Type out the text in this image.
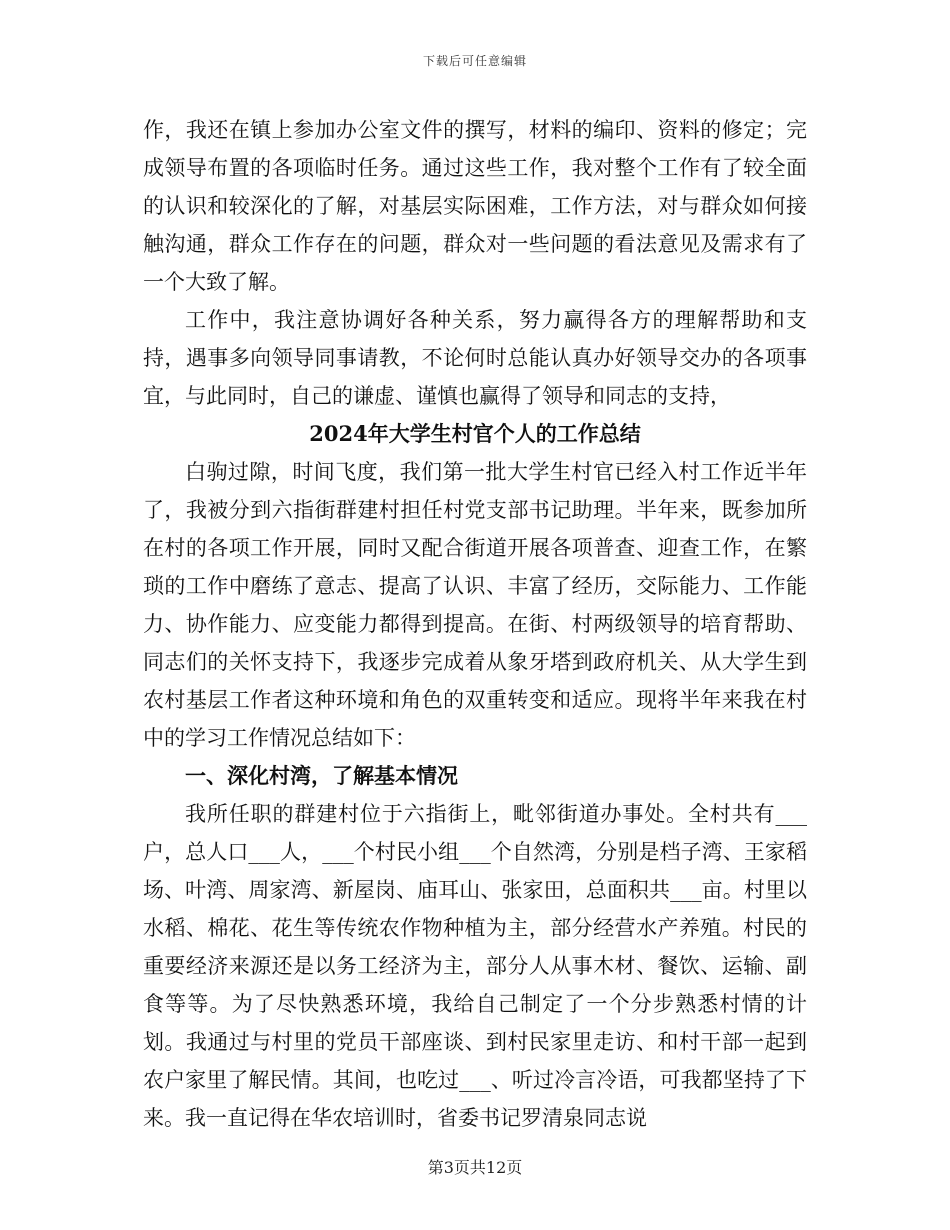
下载后可任意编辑

作，我还在镇上参加办公室文件的撰写，材料的编印、资料的修定；完成领导布置的各项临时任务。通过这些工作，我对整个工作有了较全面的认识和较深化的了解，对基层实际困难，工作方法，对与群众如何接触沟通，群众工作存在的问题，群众对一些问题的看法意见及需求有了一个大致了解。

工作中，我注意协调好各种关系，努力赢得各方的理解帮助和支持，遇事多向领导同事请教，不论何时总能认真办好领导交办的各项事宜，与此同时，自己的谦虚、谨慎也赢得了领导和同志的支持，

2024年大学生村官个人的工作总结

白驹过隙，时间飞度，我们第一批大学生村官已经入村工作近半年了，我被分到六指街群建村担任村党支部书记助理。半年来，既参加所在村的各项工作开展，同时又配合街道开展各项普查、迎查工作，在繁琐的工作中磨练了意志、提高了认识、丰富了经历，交际能力、工作能力、协作能力、应变能力都得到提高。在街、村两级领导的培育帮助、同志们的关怀支持下，我逐步完成着从象牙塔到政府机关、从大学生到农村基层工作者这种环境和角色的双重转变和适应。现将半年来我在村中的学习工作情况总结如下：

一、深化村湾，了解基本情况

我所任职的群建村位于六指街上，毗邻街道办事处。全村共有___户，总人口___人，___个村民小组___个自然湾，分别是档子湾、王家稻场、叶湾、周家湾、新屋岗、庙耳山、张家田，总面积共___亩。村里以水稻、棉花、花生等传统农作物种植为主，部分经营水产养殖。村民的重要经济来源还是以务工经济为主，部分人从事木材、餐饮、运输、副食等等。为了尽快熟悉环境，我给自己制定了一个分步熟悉村情的计划。我通过与村里的党员干部座谈、到村民家里走访、和村干部一起到农户家里了解民情。其间，也吃过___、听过冷言冷语，可我都坚持了下来。我一直记得在华农培训时，省委书记罗清泉同志说

第3页共12页
